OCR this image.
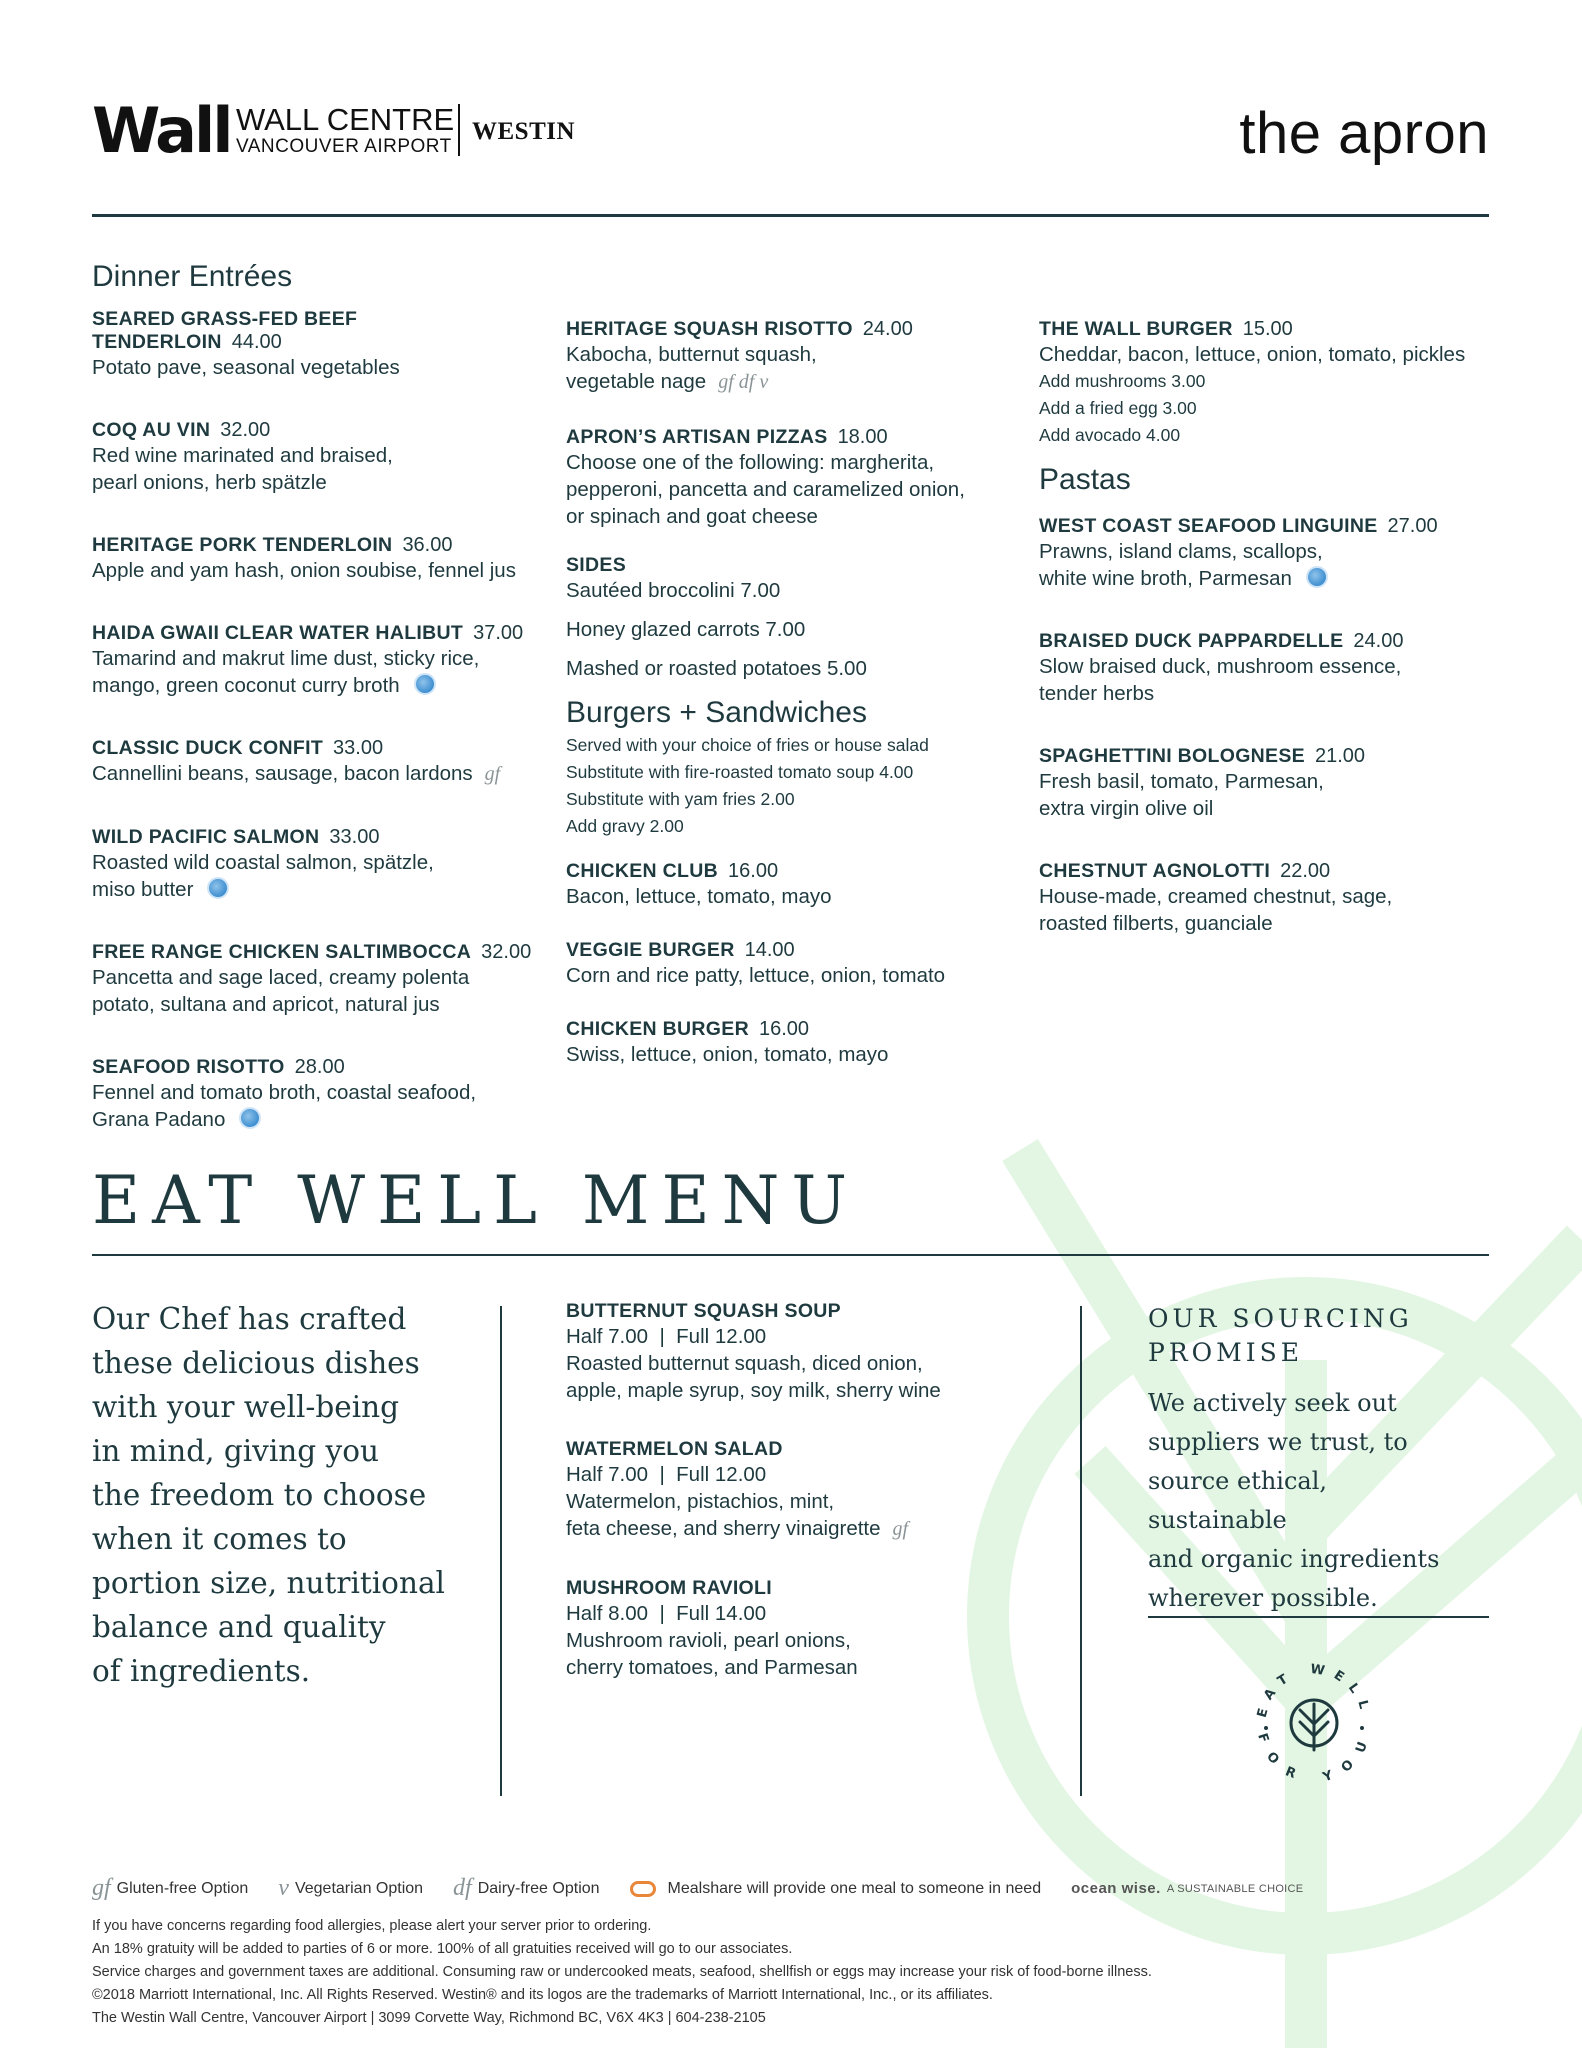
Wall WALL CENTRE
VANCOUVER AIRPORT
WESTIN	the apron
Dinner Entrées
SEARED GRASS-FED BEEF TENDERLOIN 44.00
Potato pave, seasonal vegetables
COQ AU VIN 32.00
Red wine marinated and braised,
pearl onions, herb spätzle
HERITAGE PORK TENDERLOIN 36.00
Apple and yam hash, onion soubise, fennel jus
HAIDA GWAII CLEAR WATER HALIBUT 37.00
Tamarind and makrut lime dust, sticky rice,
mango, green coconut curry broth
CLASSIC DUCK CONFIT 33.00
Cannellini beans, sausage, bacon lardons gf
WILD PACIFIC SALMON 33.00
Roasted wild coastal salmon, spätzle,
miso butter
FREE RANGE CHICKEN SALTIMBOCCA 32.00
Pancetta and sage laced, creamy polenta
potato, sultana and apricot, natural jus
SEAFOOD RISOTTO 28.00
Fennel and tomato broth, coastal seafood,
Grana Padano
HERITAGE SQUASH RISOTTO 24.00
Kabocha, butternut squash,
vegetable nage gf df v
APRON’S ARTISAN PIZZAS 18.00
Choose one of the following: margherita,
pepperoni, pancetta and caramelized onion,
or spinach and goat cheese
SIDES
Sautéed broccolini 7.00
Honey glazed carrots 7.00
Mashed or roasted potatoes 5.00
Burgers + Sandwiches
Served with your choice of fries or house salad
Substitute with fire-roasted tomato soup 4.00
Substitute with yam fries 2.00
Add gravy 2.00
CHICKEN CLUB 16.00
Bacon, lettuce, tomato, mayo
VEGGIE BURGER 14.00
Corn and rice patty, lettuce, onion, tomato
CHICKEN BURGER 16.00
Swiss, lettuce, onion, tomato, mayo
THE WALL BURGER 15.00
Cheddar, bacon, lettuce, onion, tomato, pickles
Add mushrooms 3.00
Add a fried egg 3.00
Add avocado 4.00
Pastas
WEST COAST SEAFOOD LINGUINE 27.00
Prawns, island clams, scallops,
white wine broth, Parmesan
BRAISED DUCK PAPPARDELLE 24.00
Slow braised duck, mushroom essence,
tender herbs
SPAGHETTINI BOLOGNESE 21.00
Fresh basil, tomato, Parmesan,
extra virgin olive oil
CHESTNUT AGNOLOTTI 22.00
House-made, creamed chestnut, sage,
roasted filberts, guanciale
EAT WELL MENU
Our Chef has crafted
these delicious dishes
with your well-being
in mind, giving you
the freedom to choose
when it comes to
portion size, nutritional
balance and quality
of ingredients.
BUTTERNUT SQUASH SOUP
Half 7.00  |  Full 12.00
Roasted butternut squash, diced onion,
apple, maple syrup, soy milk, sherry wine
WATERMELON SALAD
Half 7.00  |  Full 12.00
Watermelon, pistachios, mint,
feta cheese, and sherry vinaigrette gf
MUSHROOM RAVIOLI
Half 8.00  |  Full 14.00
Mushroom ravioli, pearl onions,
cherry tomatoes, and Parmesan
OUR SOURCING
PROMISE
We actively seek out
suppliers we trust, to
source ethical, sustainable
and organic ingredients
wherever possible.
EAT WELL
FOR YOU
gf Gluten-free Option v Vegetarian Option df Dairy-free Option	Mealshare will provide one meal to someone in need ocean wise. A SUSTAINABLE CHOICE
If you have concerns regarding food allergies, please alert your server prior to ordering.
An 18% gratuity will be added to parties of 6 or more. 100% of all gratuities received will go to our associates.
Service charges and government taxes are additional. Consuming raw or undercooked meats, seafood, shellfish or eggs may increase your risk of food-borne illness.
©2018 Marriott International, Inc. All Rights Reserved. Westin® and its logos are the trademarks of Marriott International, Inc., or its affiliates.
The Westin Wall Centre, Vancouver Airport | 3099 Corvette Way, Richmond BC, V6X 4K3 | 604-238-2105
